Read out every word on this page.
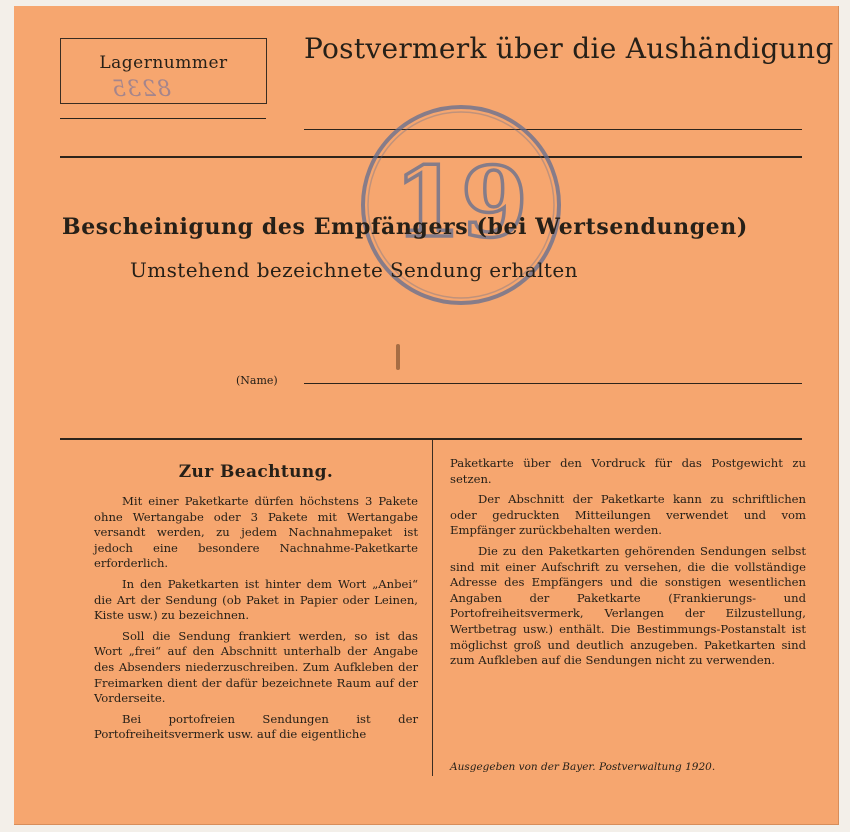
Lagernummer
8235
Postvermerk über die Aushändigung
19
Bescheinigung des Empfängers (bei Wertsendungen)
Umstehend bezeichnete Sendung erhalten
(Name)
Zur Beachtung.

Mit einer Paketkarte dürfen höchstens 3 Pakete ohne Wertangabe oder 3 Pakete mit Wertangabe versandt werden, zu jedem Nachnahmepaket ist jedoch eine besondere Nachnahme-Paketkarte erforderlich.

In den Paketkarten ist hinter dem Wort „Anbei“ die Art der Sendung (ob Paket in Papier oder Leinen, Kiste usw.) zu bezeichnen.

Soll die Sendung frankiert werden, so ist das Wort „frei“ auf den Abschnitt unterhalb der Angabe des Absenders niederzuschreiben. Zum Aufkleben der Freimarken dient der dafür bezeichnete Raum auf der Vorderseite.

Bei portofreien Sendungen ist der Portofreiheitsvermerk usw. auf die eigentliche

Paketkarte über den Vordruck für das Postgewicht zu setzen.

Der Abschnitt der Paketkarte kann zu schriftlichen oder gedruckten Mitteilungen verwendet und vom Empfänger zurückbehalten werden.

Die zu den Paketkarten gehörenden Sendungen selbst sind mit einer Aufschrift zu versehen, die die vollständige Adresse des Empfängers und die sonstigen wesentlichen Angaben der Paketkarte (Frankierungs- und Portofreiheitsvermerk, Verlangen der Eilzustellung, Wertbetrag usw.) enthält. Die Bestimmungs-Postanstalt ist möglichst groß und deutlich anzugeben. Paketkarten sind zum Aufkleben auf die Sendungen nicht zu verwenden.

Ausgegeben von der Bayer. Postverwaltung 1920.
